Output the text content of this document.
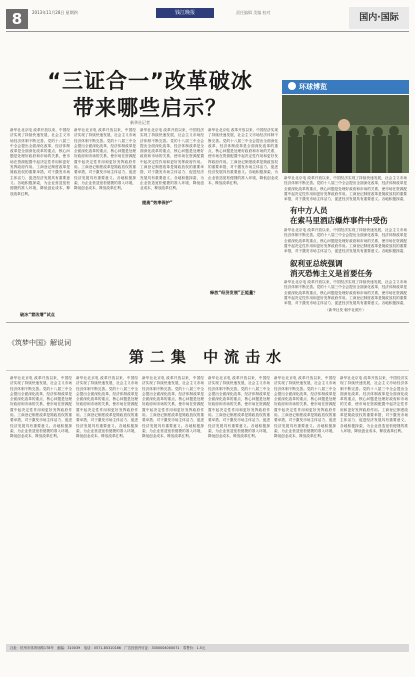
8	2013年11月28日 星期四	钱江晚报	责任编辑 美编 校对
国内·国际
“三证合一”改革破冰
带来哪些启示？
新华社记者
新华社北京电 改革开放以来，中国经济实现了持续快速发展，社会主义市场经济体制不断完善。党的十八届三中全会提出全面深化改革，经济体制改革是全面深化改革的重点，核心问题是处理好政府和市场的关系，使市场在资源配置中起决定性作用和更好发挥政府作用。工商登记制度改革是简政放权的重要举措，对于激发市场主体活力、促进经济发展具有重要意义。各地积极探索，为企业营造宽松便捷的准入环境，降低创业成本，释放改革红利。
破冰“营改增”试点
新华社北京电 改革开放以来，中国经济实现了持续快速发展，社会主义市场经济体制不断完善。党的十八届三中全会提出全面深化改革，经济体制改革是全面深化改革的重点，核心问题是处理好政府和市场的关系，使市场在资源配置中起决定性作用和更好发挥政府作用。工商登记制度改革是简政放权的重要举措，对于激发市场主体活力、促进经济发展具有重要意义。各地积极探索，为企业营造宽松便捷的准入环境，降低创业成本，释放改革红利。
新华社北京电 改革开放以来，中国经济实现了持续快速发展，社会主义市场经济体制不断完善。党的十八届三中全会提出全面深化改革，经济体制改革是全面深化改革的重点，核心问题是处理好政府和市场的关系，使市场在资源配置中起决定性作用和更好发挥政府作用。工商登记制度改革是简政放权的重要举措，对于激发市场主体活力、促进经济发展具有重要意义。各地积极探索，为企业营造宽松便捷的准入环境，降低创业成本，释放改革红利。
提高“效率保护”
新华社北京电 改革开放以来，中国经济实现了持续快速发展，社会主义市场经济体制不断完善。党的十八届三中全会提出全面深化改革，经济体制改革是全面深化改革的重点，核心问题是处理好政府和市场的关系，使市场在资源配置中起决定性作用和更好发挥政府作用。工商登记制度改革是简政放权的重要举措，对于激发市场主体活力、促进经济发展具有重要意义。各地积极探索，为企业营造宽松便捷的准入环境，降低创业成本，释放改革红利。
释放“经济发展”正能量？
环球博览
新华社北京电 改革开放以来，中国经济实现了持续快速发展，社会主义市场经济体制不断完善。党的十八届三中全会提出全面深化改革，经济体制改革是全面深化改革的重点，核心问题是处理好政府和市场的关系，使市场在资源配置中起决定性作用和更好发挥政府作用。工商登记制度改革是简政放权的重要举措，对于激发市场主体活力、促进经济发展具有重要意义。各地积极探索，
有中方人员
在索马里酒店爆炸事件中受伤
新华社北京电 改革开放以来，中国经济实现了持续快速发展，社会主义市场经济体制不断完善。党的十八届三中全会提出全面深化改革，经济体制改革是全面深化改革的重点，核心问题是处理好政府和市场的关系，使市场在资源配置中起决定性作用和更好发挥政府作用。工商登记制度改革是简政放权的重要举措，对于激发市场主体活力、促进经济发展具有重要意义。各地积极探索，
叙利亚总统强调
消灭恐怖主义是首要任务
新华社北京电 改革开放以来，中国经济实现了持续快速发展，社会主义市场经济体制不断完善。党的十八届三中全会提出全面深化改革，经济体制改革是全面深化改革的重点，核心问题是处理好政府和市场的关系，使市场在资源配置中起决定性作用和更好发挥政府作用。工商登记制度改革是简政放权的重要举措，对于激发市场主体活力、促进经济发展具有重要意义。各地积极探索，
（新华社发 朝中社照片）
《筑梦中国》解说词
第二集 中流击水
新华社北京电 改革开放以来，中国经济实现了持续快速发展，社会主义市场经济体制不断完善。党的十八届三中全会提出全面深化改革，经济体制改革是全面深化改革的重点，核心问题是处理好政府和市场的关系，使市场在资源配置中起决定性作用和更好发挥政府作用。工商登记制度改革是简政放权的重要举措，对于激发市场主体活力、促进经济发展具有重要意义。各地积极探索，为企业营造宽松便捷的准入环境，降低创业成本，释放改革红利。
新华社北京电 改革开放以来，中国经济实现了持续快速发展，社会主义市场经济体制不断完善。党的十八届三中全会提出全面深化改革，经济体制改革是全面深化改革的重点，核心问题是处理好政府和市场的关系，使市场在资源配置中起决定性作用和更好发挥政府作用。工商登记制度改革是简政放权的重要举措，对于激发市场主体活力、促进经济发展具有重要意义。各地积极探索，为企业营造宽松便捷的准入环境，降低创业成本，释放改革红利。
新华社北京电 改革开放以来，中国经济实现了持续快速发展，社会主义市场经济体制不断完善。党的十八届三中全会提出全面深化改革，经济体制改革是全面深化改革的重点，核心问题是处理好政府和市场的关系，使市场在资源配置中起决定性作用和更好发挥政府作用。工商登记制度改革是简政放权的重要举措，对于激发市场主体活力、促进经济发展具有重要意义。各地积极探索，为企业营造宽松便捷的准入环境，降低创业成本，释放改革红利。
新华社北京电 改革开放以来，中国经济实现了持续快速发展，社会主义市场经济体制不断完善。党的十八届三中全会提出全面深化改革，经济体制改革是全面深化改革的重点，核心问题是处理好政府和市场的关系，使市场在资源配置中起决定性作用和更好发挥政府作用。工商登记制度改革是简政放权的重要举措，对于激发市场主体活力、促进经济发展具有重要意义。各地积极探索，为企业营造宽松便捷的准入环境，降低创业成本，释放改革红利。
新华社北京电 改革开放以来，中国经济实现了持续快速发展，社会主义市场经济体制不断完善。党的十八届三中全会提出全面深化改革，经济体制改革是全面深化改革的重点，核心问题是处理好政府和市场的关系，使市场在资源配置中起决定性作用和更好发挥政府作用。工商登记制度改革是简政放权的重要举措，对于激发市场主体活力、促进经济发展具有重要意义。各地积极探索，为企业营造宽松便捷的准入环境，降低创业成本，释放改革红利。
新华社北京电 改革开放以来，中国经济实现了持续快速发展，社会主义市场经济体制不断完善。党的十八届三中全会提出全面深化改革，经济体制改革是全面深化改革的重点，核心问题是处理好政府和市场的关系，使市场在资源配置中起决定性作用和更好发挥政府作用。工商登记制度改革是简政放权的重要举措，对于激发市场主体活力、促进经济发展具有重要意义。各地积极探索，为企业营造宽松便捷的准入环境，降低创业成本，释放改革红利。
社址：杭州市体育场路178号　邮编：310039　电话：0571-85310186　广告经营许可证：3300004000071　零售价：1.5元
